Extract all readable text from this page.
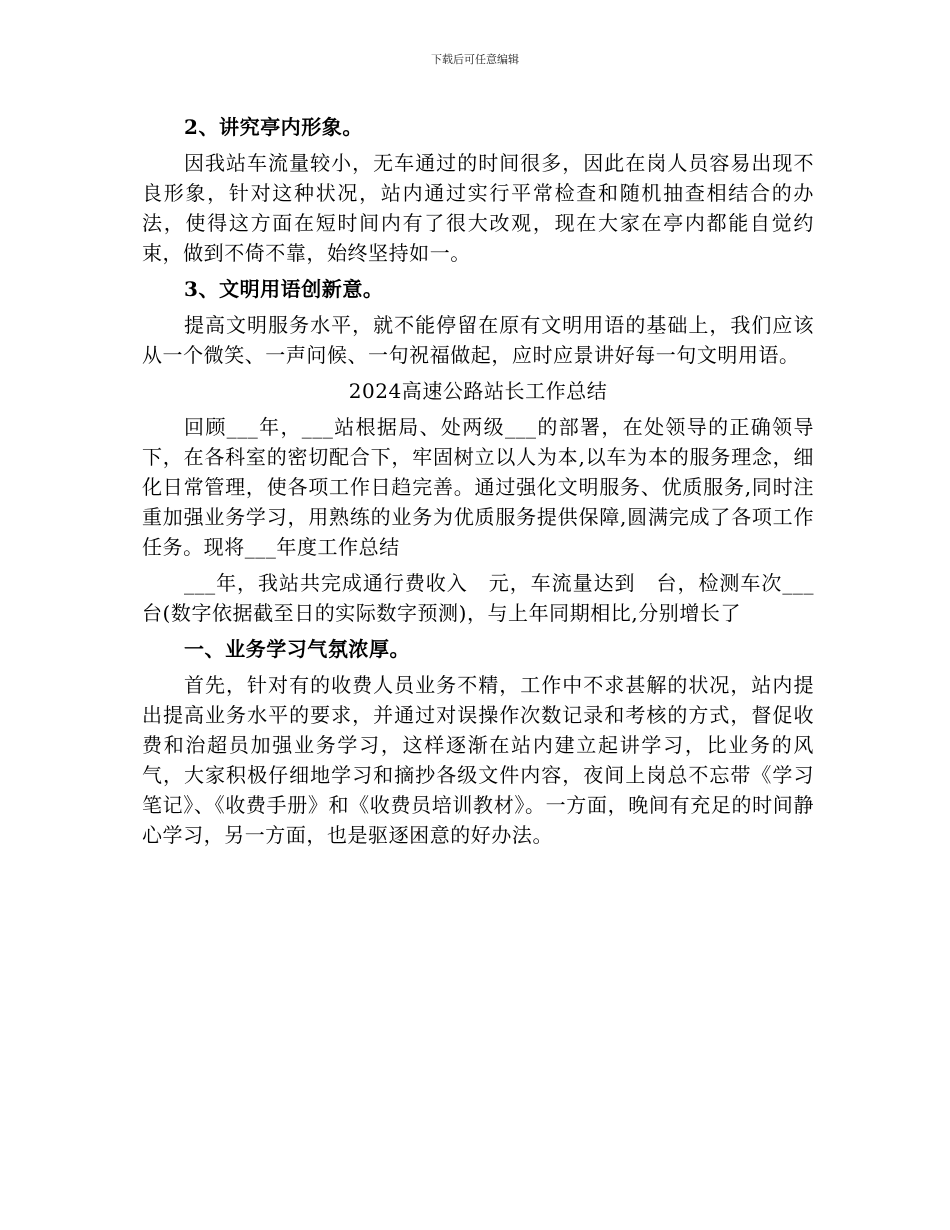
下载后可任意编辑

2、讲究亭内形象。

因我站车流量较小，无车通过的时间很多，因此在岗人员容易出现不良形象，针对这种状况，站内通过实行平常检查和随机抽查相结合的办法，使得这方面在短时间内有了很大改观，现在大家在亭内都能自觉约束，做到不倚不靠，始终坚持如一。

3、文明用语创新意。

提高文明服务水平，就不能停留在原有文明用语的基础上，我们应该从一个微笑、一声问候、一句祝福做起，应时应景讲好每一句文明用语。

2024高速公路站长工作总结

回顾___年，___站根据局、处两级___的部署，在处领导的正确领导下，在各科室的密切配合下，牢固树立以人为本,以车为本的服务理念，细化日常管理，使各项工作日趋完善。通过强化文明服务、优质服务,同时注重加强业务学习，用熟练的业务为优质服务提供保障,圆满完成了各项工作任务。现将___年度工作总结

___年，我站共完成通行费收入　元，车流量达到　台，检测车次___台(数字依据截至日的实际数字预测)，与上年同期相比,分别增长了

一、业务学习气氛浓厚。

首先，针对有的收费人员业务不精，工作中不求甚解的状况，站内提出提高业务水平的要求，并通过对误操作次数记录和考核的方式，督促收费和治超员加强业务学习，这样逐渐在站内建立起讲学习，比业务的风气，大家积极仔细地学习和摘抄各级文件内容，夜间上岗总不忘带《学习笔记》、《收费手册》和《收费员培训教材》。一方面，晚间有充足的时间静心学习，另一方面，也是驱逐困意的好办法。
